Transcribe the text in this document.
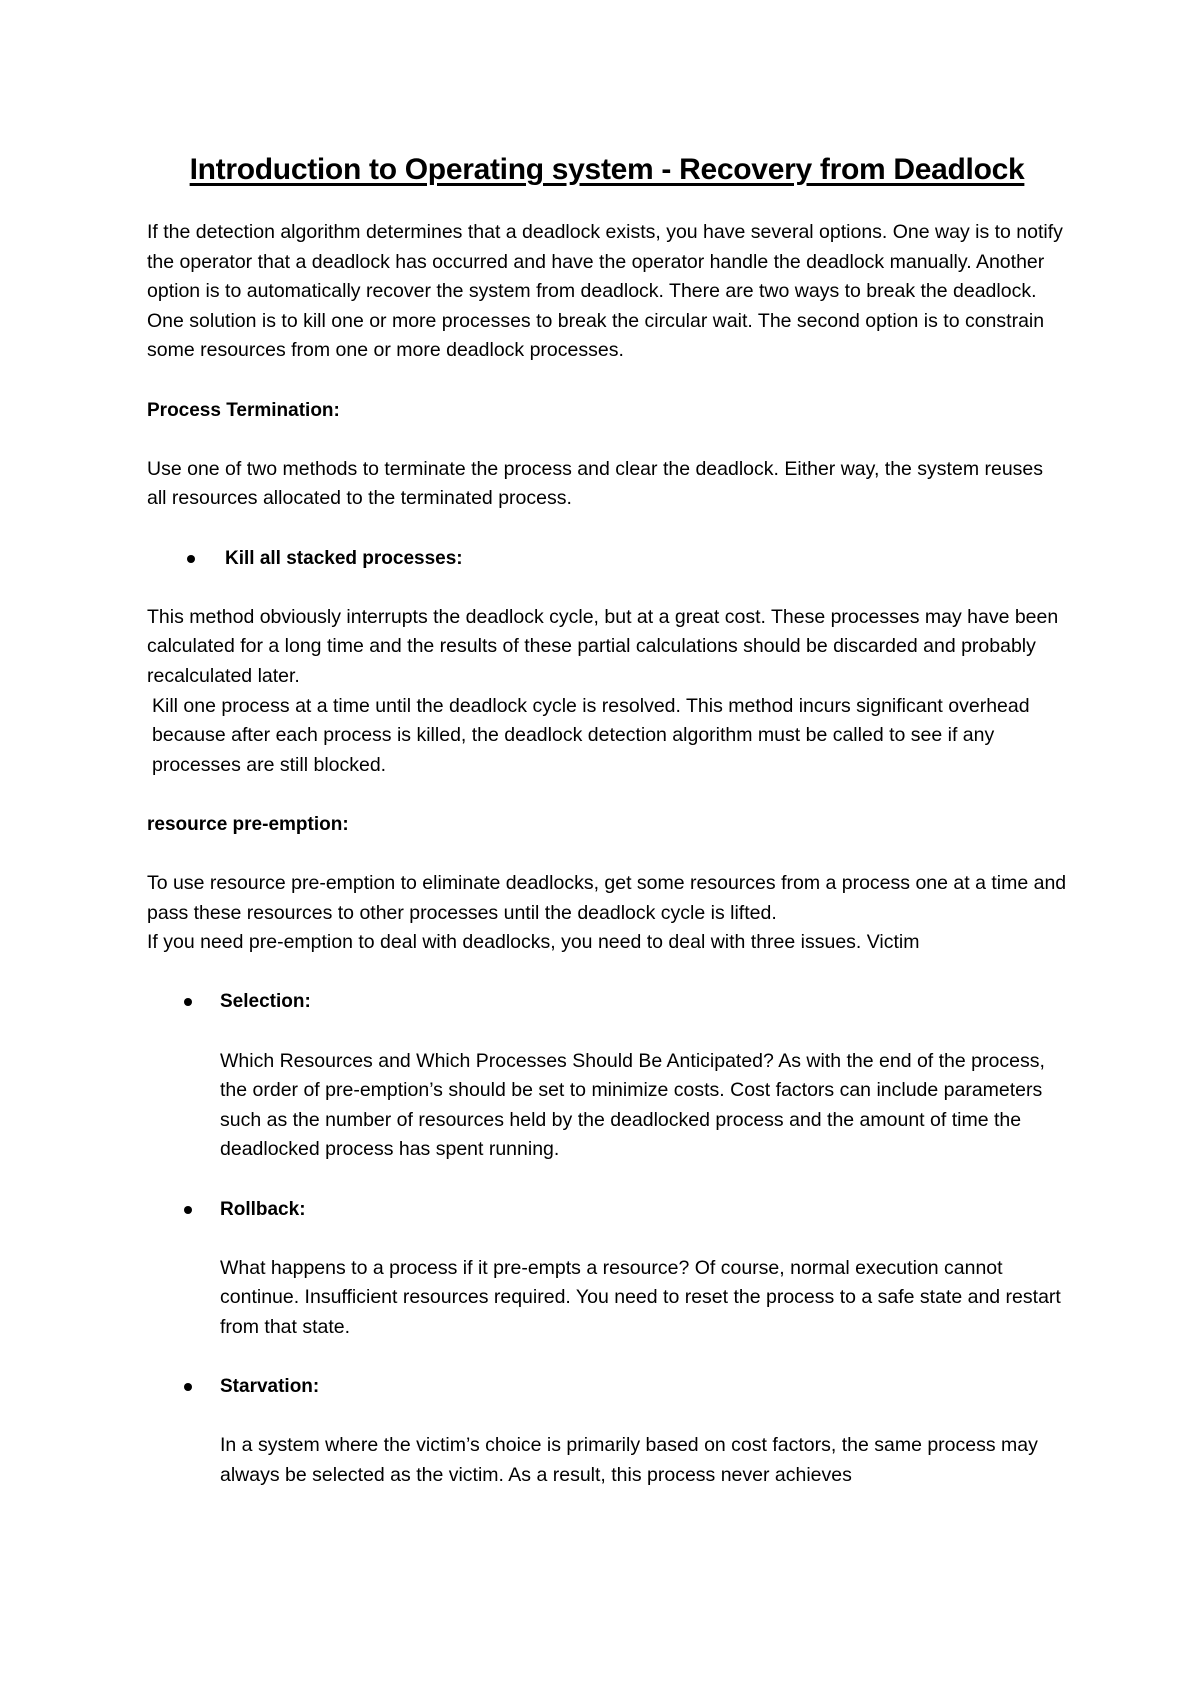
Introduction to Operating system - Recovery from Deadlock

If the detection algorithm determines that a deadlock exists, you have several options. One way is to notify the operator that a deadlock has occurred and have the operator handle the deadlock manually. Another option is to automatically recover the system from deadlock. There are two ways to break the deadlock. One solution is to kill one or more processes to break the circular wait. The second option is to constrain some resources from one or more deadlock processes.

Process Termination:

Use one of two methods to terminate the process and clear the deadlock. Either way, the system reuses all resources allocated to the terminated process.

Kill all stacked processes:

This method obviously interrupts the deadlock cycle, but at a great cost. These processes may have been calculated for a long time and the results of these partial calculations should be discarded and probably recalculated later.

Kill one process at a time until the deadlock cycle is resolved. This method incurs significant overhead because after each process is killed, the deadlock detection algorithm must be called to see if any processes are still blocked.

resource pre-emption:

To use resource pre-emption to eliminate deadlocks, get some resources from a process one at a time and pass these resources to other processes until the deadlock cycle is lifted.

If you need pre-emption to deal with deadlocks, you need to deal with three issues. Victim

Selection:

Which Resources and Which Processes Should Be Anticipated? As with the end of the process, the order of pre-emption’s should be set to minimize costs. Cost factors can include parameters such as the number of resources held by the deadlocked process and the amount of time the deadlocked process has spent running.

Rollback:

What happens to a process if it pre-empts a resource? Of course, normal execution cannot continue. Insufficient resources required. You need to reset the process to a safe state and restart from that state.

Starvation:

In a system where the victim’s choice is primarily based on cost factors, the same process may always be selected as the victim. As a result, this process never achieves
